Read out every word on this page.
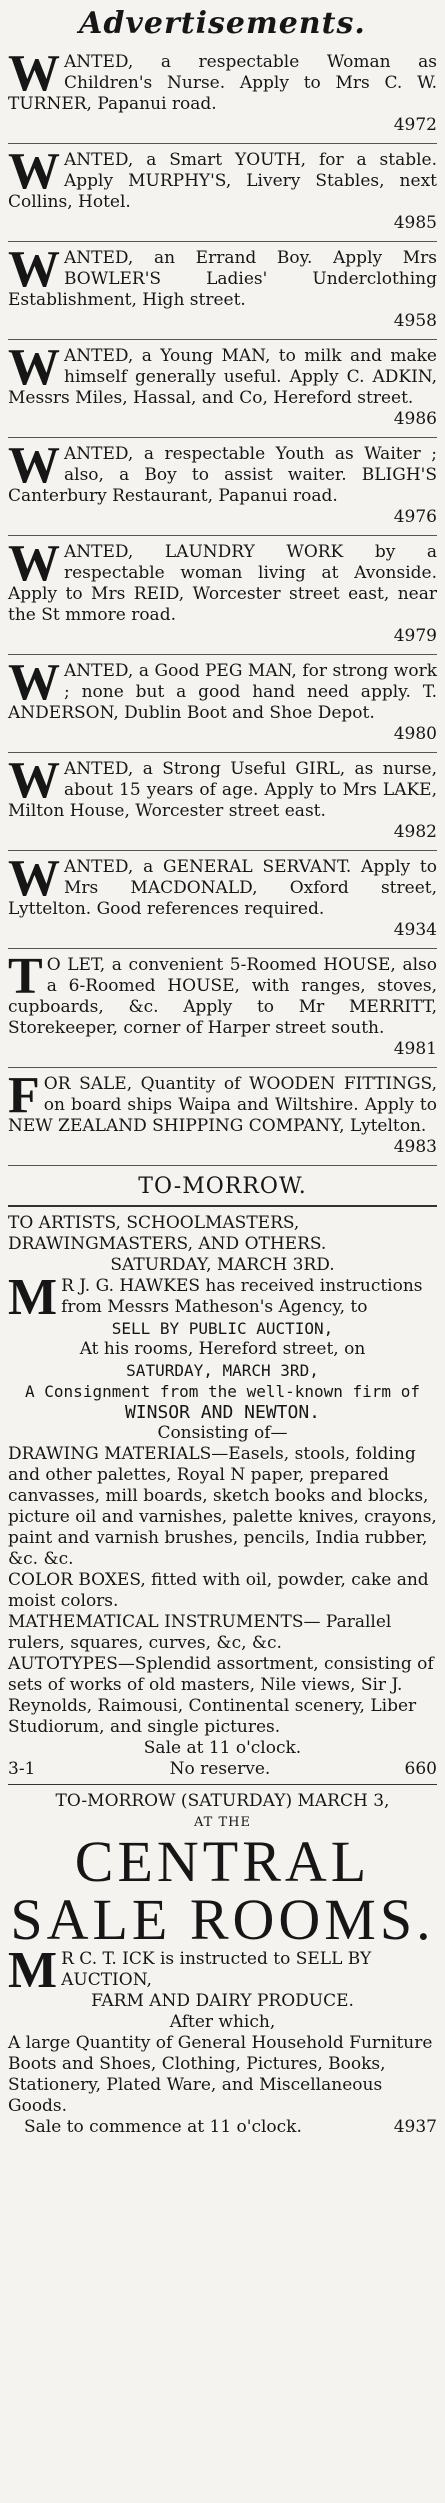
Advertisements.
W ANTED, a respectable Woman as Children's Nurse. Apply to Mrs C. W. TURNER, Papanui road.

4972
W ANTED, a Smart YOUTH, for a stable. Apply MURPHY'S, Livery Stables, next Collins, Hotel.

4985
W ANTED, an Errand Boy. Apply Mrs BOWLER'S Ladies' Underclothing Establishment, High street.

4958
W ANTED, a Young MAN, to milk and make himself generally useful. Apply C. ADKIN, Messrs Miles, Hassal, and Co, Hereford street.

4986
W ANTED, a respectable Youth as Waiter ; also, a Boy to assist waiter. BLIGH'S Canterbury Restaurant, Papanui road.

4976
W ANTED, LAUNDRY WORK by a respectable woman living at Avonside. Apply to Mrs REID, Worcester street east, near the St mmore road.

4979
W ANTED, a Good PEG MAN, for strong work ; none but a good hand need apply. T. ANDERSON, Dublin Boot and Shoe Depot.

4980
W ANTED, a Strong Useful GIRL, as nurse, about 15 years of age. Apply to Mrs LAKE, Milton House, Worcester street east.

4982
W ANTED, a GENERAL SERVANT. Apply to Mrs MACDONALD, Oxford street, Lyttelton. Good references required.

4934
T O LET, a convenient 5-Roomed HOUSE, also a 6-Roomed HOUSE, with ranges, stoves, cupboards, &c. Apply to Mr MERRITT, Storekeeper, corner of Harper street south.

4981
F OR SALE, Quantity of WOODEN FITTINGS, on board ships Waipa and Wiltshire. Apply to NEW ZEALAND SHIPPING COMPANY, Lytelton.

4983
TO-MORROW.
TO ARTISTS, SCHOOLMASTERS, DRAWINGMASTERS, AND OTHERS.
SATURDAY, MARCH 3RD.
M R J. G. HAWKES has received instructions from Messrs Matheson's Agency, to
SELL BY PUBLIC AUCTION,
At his rooms, Hereford street, on
SATURDAY, MARCH 3RD,
A Consignment from the well-known firm of
WINSOR AND NEWTON.
Consisting of—
DRAWING MATERIALS—Easels, stools, folding and other palettes, Royal N paper, prepared canvasses, mill boards, sketch books and blocks, picture oil and varnishes, palette knives, crayons, paint and varnish brushes, pencils, India rubber, &c. &c.
COLOR BOXES, fitted with oil, powder, cake and moist colors.
MATHEMATICAL INSTRUMENTS— Parallel rulers, squares, curves, &c, &c.
AUTOTYPES—Splendid assortment, consisting of sets of works of old masters, Nile views, Sir J. Reynolds, Raimousi, Continental scenery, Liber Studiorum, and single pictures.
Sale at 11 o'clock.
3-1	No reserve.	660
TO-MORROW (SATURDAY) MARCH 3,
AT THE
CENTRAL
SALE ROOMS.
M R C. T. ICK is instructed to SELL BY AUCTION,
FARM AND DAIRY PRODUCE.
After which,
A large Quantity of General Household Furniture
Boots and Shoes, Clothing, Pictures, Books, Stationery, Plated Ware, and Miscellaneous Goods.
Sale to commence at 11 o'clock.	4937
